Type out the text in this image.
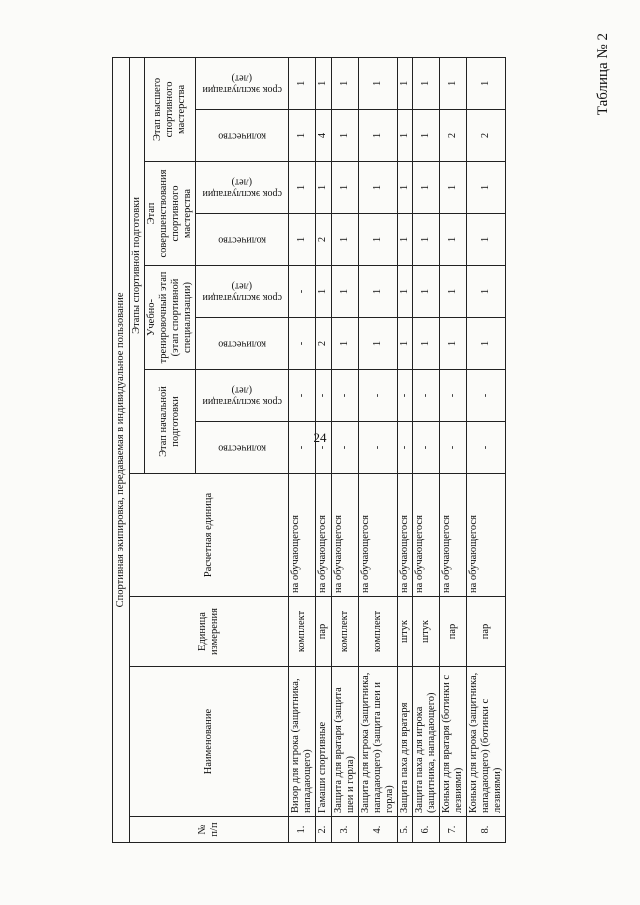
24
Таблица № 2
Спортивная экипировка, передаваемая в индивидуальное пользование											
№ п/п	Наименование	Единица измерения	Расчетная единица	Этапы спортивной подготовки							
				Этап начальной подготовки		Учебно-тренировочный этап (этап спортивной специализации)		Этап совершенствования спортивного мастерства		Этап высшего спортивного мастерства	

количество	срок эксплуатации (лет)	количество	срок эксплуатации (лет)	количество	срок эксплуатации (лет)	количество	срок эксплуатации (лет)

1.	Визор для игрока (защитника, нападающего)	комплект	на обучающегося	-	-	-	-	1	1	1	1
2.	Гамаши спортивные	пар	на обучающегося	-	-	2	1	2	1	4	1
3.	Защита для вратаря (защита шеи и горла)	комплект	на обучающегося	-	-	1	1	1	1	1	1
4.	Защита для игрока (защитника, нападающего) (защита шеи и горла)	комплект	на обучающегося	-	-	1	1	1	1	1	1
5.	Защита паха для вратаря	штук	на обучающегося	-	-	1	1	1	1	1	1
6.	Защита паха для игрока (защитника, нападающего)	штук	на обучающегося	-	-	1	1	1	1	1	1
7.	Коньки для вратаря (ботинки с лезвиями)	пар	на обучающегося	-	-	1	1	1	1	2	1
8.	Коньки для игрока (защитника, нападающего) (ботинки с лезвиями)	пар	на обучающегося	-	-	1	1	1	1	2	1
